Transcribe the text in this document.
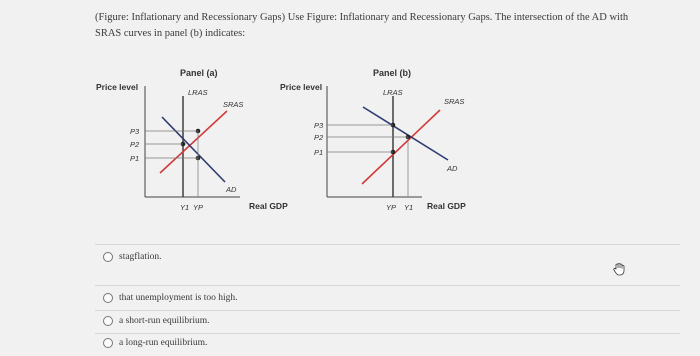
(Figure: Inflationary and Recessionary Gaps) Use Figure: Inflationary and Recessionary Gaps. The intersection of the AD with SRAS curves in panel (b) indicates:
Panel (a)
Price level
Real GDP
LRAS
SRAS
AD
P3
P2
P1
Y1 YP
Panel (b)
Price level
Real GDP
LRAS
SRAS
AD
P3
P2
P1
YP Y1
stagflation.
that unemployment is too high.
a short-run equilibrium.
a long-run equilibrium.
